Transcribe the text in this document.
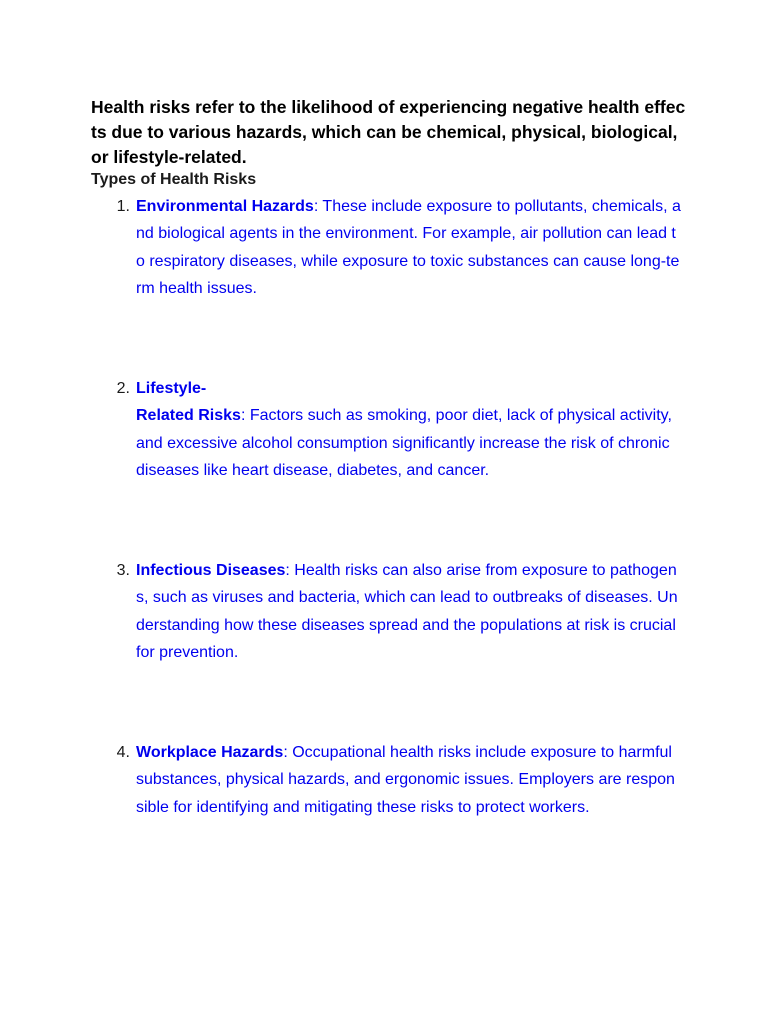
Health risks refer to the likelihood of experiencing negative health effects due to various hazards, which can be chemical, physical, biological, or lifestyle-related.

Types of Health Risks

1. Environmental Hazards: These include exposure to pollutants, chemicals, and biological agents in the environment. For example, air pollution can lead to respiratory diseases, while exposure to toxic substances can cause long-term health issues.
2. Lifestyle-
Related Risks: Factors such as smoking, poor diet, lack of physical activity, and excessive alcohol consumption significantly increase the risk of chronic diseases like heart disease, diabetes, and cancer.
3. Infectious Diseases: Health risks can also arise from exposure to pathogens, such as viruses and bacteria, which can lead to outbreaks of diseases. Understanding how these diseases spread and the populations at risk is crucial for prevention.
4. Workplace Hazards: Occupational health risks include exposure to harmful substances, physical hazards, and ergonomic issues. Employers are responsible for identifying and mitigating these risks to protect workers.
